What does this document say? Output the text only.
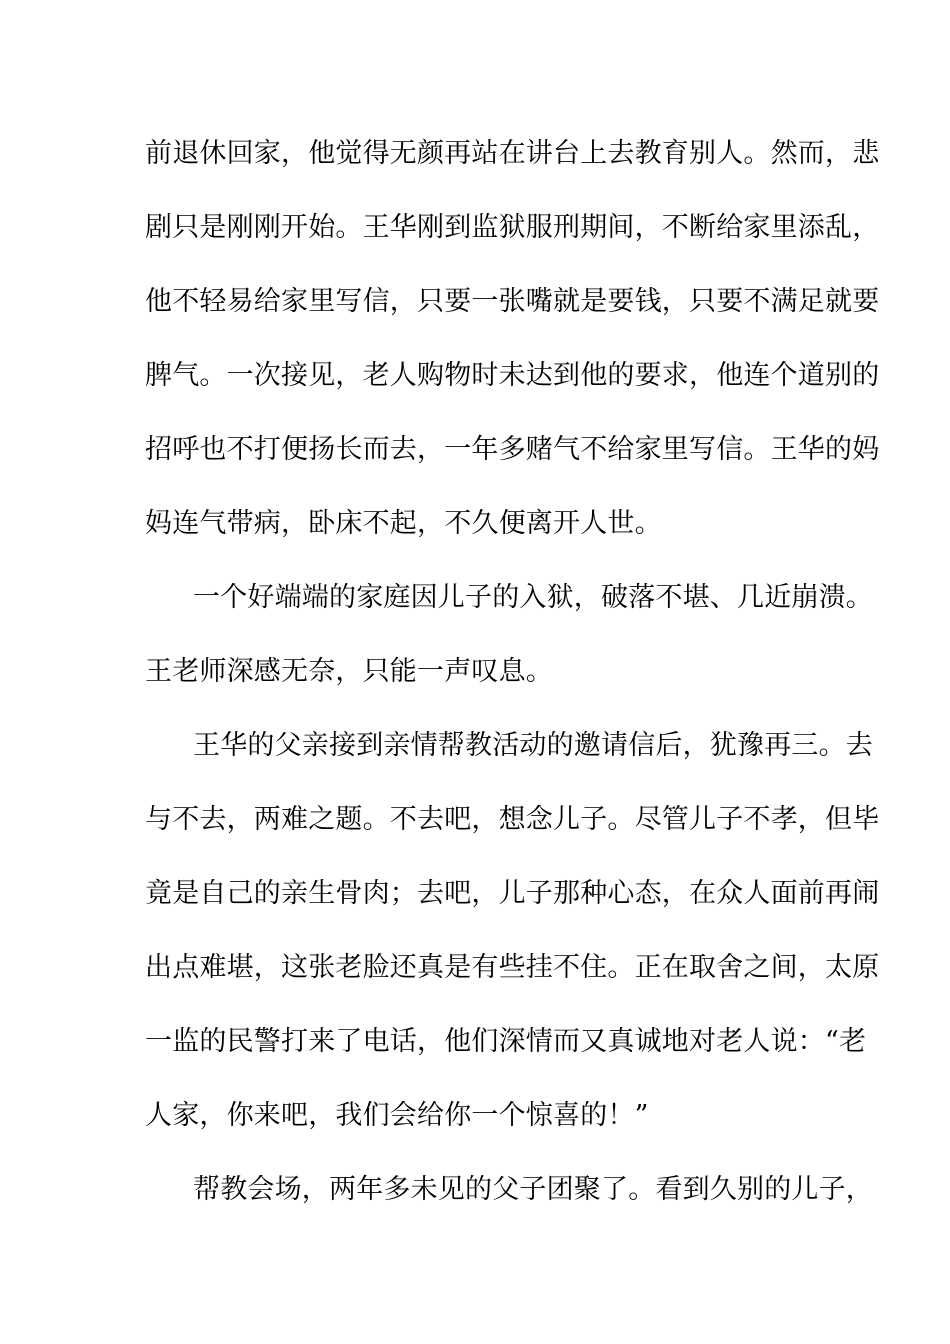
前退休回家，他觉得无颜再站在讲台上去教育别人。然而，悲
剧只是刚刚开始。王华刚到监狱服刑期间，不断给家里添乱，
他不轻易给家里写信，只要一张嘴就是要钱，只要不满足就要
脾气。一次接见，老人购物时未达到他的要求，他连个道别的
招呼也不打便扬长而去，一年多赌气不给家里写信。王华的妈
妈连气带病，卧床不起，不久便离开人世。
一个好端端的家庭因儿子的入狱，破落不堪、几近崩溃。
王老师深感无奈，只能一声叹息。
王华的父亲接到亲情帮教活动的邀请信后，犹豫再三。去
与不去，两难之题。不去吧，想念儿子。尽管儿子不孝，但毕
竟是自己的亲生骨肉；去吧，儿子那种心态，在众人面前再闹
出点难堪，这张老脸还真是有些挂不住。正在取舍之间，太原
一监的民警打来了电话，他们深情而又真诚地对老人说：“老
人家，你来吧，我们会给你一个惊喜的！”
帮教会场，两年多未见的父子团聚了。看到久别的儿子，
